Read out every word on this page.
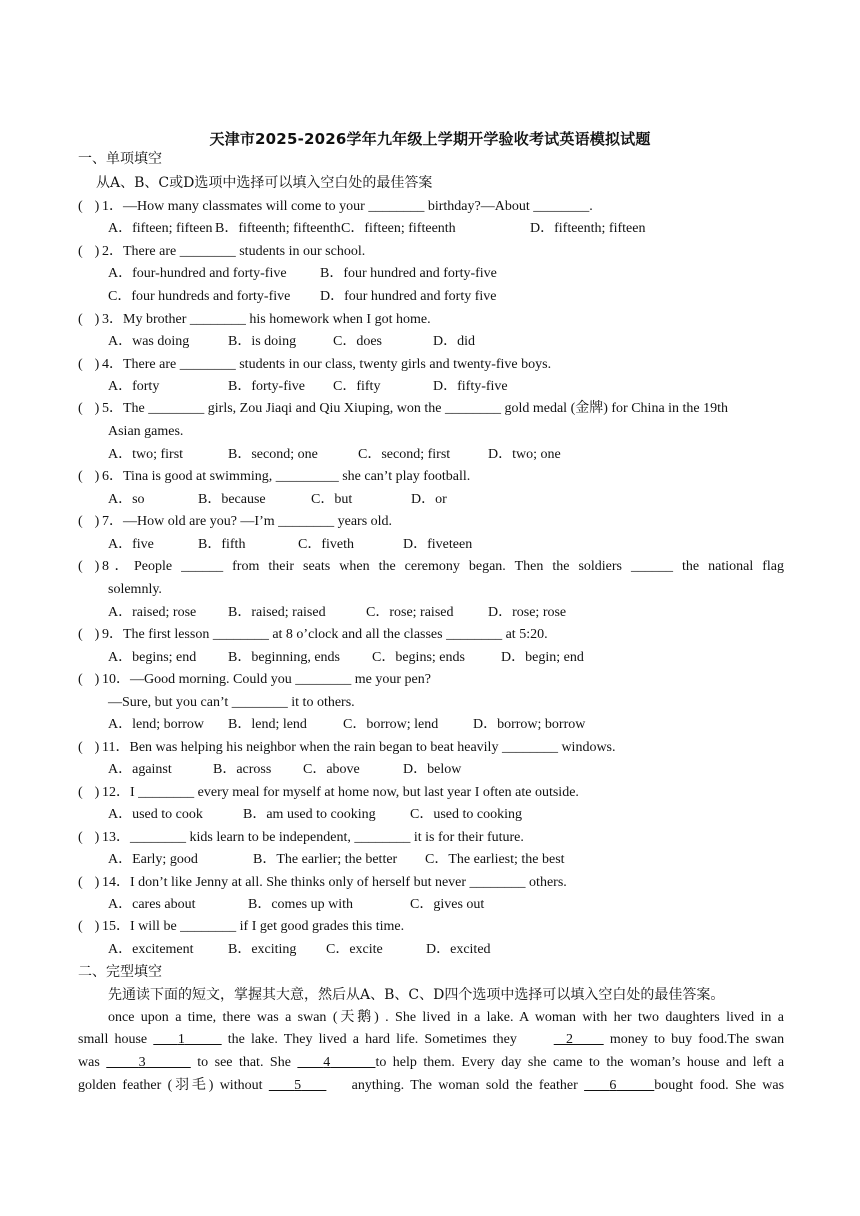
天津市2025-2026学年九年级上学期开学验收考试英语模拟试题
一、单项填空
从A、B、C或D选项中选择可以填入空白处的最佳答案
( ) 1．—How many classmates will come to your ________ birthday?—About ________.
A．fifteen; fifteen B．fifteenth; fifteenth C．fifteen; fifteenth	D．fifteenth; fifteen
( ) 2．There are ________ students in our school.
A．four-hundred and forty-five B．four hundred and forty-five
C．four hundreds and forty-five D．four hundred and forty five
( ) 3．My brother ________ his homework when I got home.
A．was doing	B．is doing	C．does	D．did
( ) 4．There are ________ students in our class, twenty girls and twenty-five boys.
A．forty	B．forty-five C．fifty	D．fifty-five
( ) 5．The ________ girls, Zou Jiaqi and Qiu Xiuping, won the ________ gold medal (金牌) for China in the 19th
Asian games.
A．two; first	B．second; one	C．second; first	D．two; one
( ) 6．Tina is good at swimming, _________ she can’t play football.
A．so	B．because	C．but	D．or
( ) 7．—How old are you? —I’m ________ years old.
A．five	B．fifth	C．fiveth	D．fiveteen
( ) 8．People ______ from their seats when the ceremony began. Then the soldiers ______ the national flag
solemnly.
A．raised; rose B．raised; raised	C．rose; raised D．rose; rose
( ) 9．The first lesson ________ at 8 o’clock and all the classes ________ at 5:20.
A．begins; end B．beginning, ends C．begins; ends	D．begin; end
( ) 10．—Good morning. Could you ________ me your pen?
—Sure, but you can’t ________ it to others.
A．lend; borrow B．lend; lend	C．borrow; lend D．borrow; borrow
( ) 11．Ben was helping his neighbor when the rain began to beat heavily ________ windows.
A．against	B．across C．above	D．below
( ) 12．I ________ every meal for myself at home now, but last year I often ate outside.
A．used to cook	B．am used to cooking C．used to cooking
( ) 13．________ kids learn to be independent, ________ it is for their future.
A．Early; good	B．The earlier; the better C．The earliest; the best
( ) 14．I don’t like Jenny at all. She thinks only of herself but never ________ others.
A．cares about	B．comes up with	C．gives out
( ) 15．I will be ________ if I get good grades this time.
A．excitement B．exciting C．excite	D．excited
二、完型填空
先通读下面的短文，掌握其大意，然后从A、B、C、D四个选项中选择可以填入空白处的最佳答案。
once upon a time, there was a swan (天鹅) . She lived in a lake. A woman with her two daughters lived in a
small house 1	the lake. They lived a hard life. Sometimes they	2	money to buy food.The swan
was	3	to see that. She 4	to help them. Every day she came to the woman’s house and left a
golden feather (羽毛) without 5	anything. The woman sold the feather 6	bought food. She was
